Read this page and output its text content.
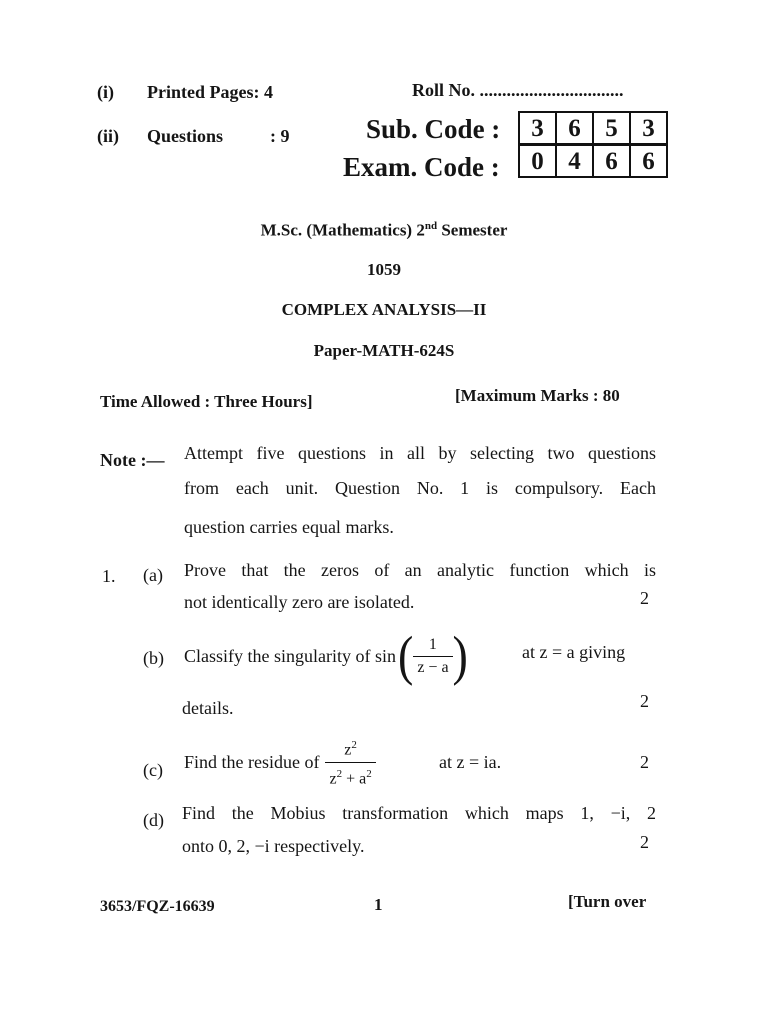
(i) Printed Pages: 4
(ii) Questions	: 9
Roll No. ................................
Sub. Code :	3 6 5 3
Exam. Code :	0 4 6 6
M.Sc. (Mathematics) 2nd Semester
1059
COMPLEX ANALYSIS—II
Paper-MATH-624S
Time Allowed : Three Hours]	[Maximum Marks : 80
Note :— Attempt five questions in all by selecting two questions
from each unit. Question No. 1 is compulsory. Each
question carries equal marks.
1. (a) Prove that the zeros of an analytic function which is
not identically zero are isolated.	2
(b) Classify the singularity of sin ( $\frac{1}{z - a}$ )	at z = a giving
details.	2
(c) Find the residue of $\frac{z^2}{z^2 + a^2}$	at z = ia.	2
(d) Find the Mobius transformation which maps 1, −i, 2
onto 0, 2, −i respectively.	2
3653/FQZ-16639	1	[Turn over
